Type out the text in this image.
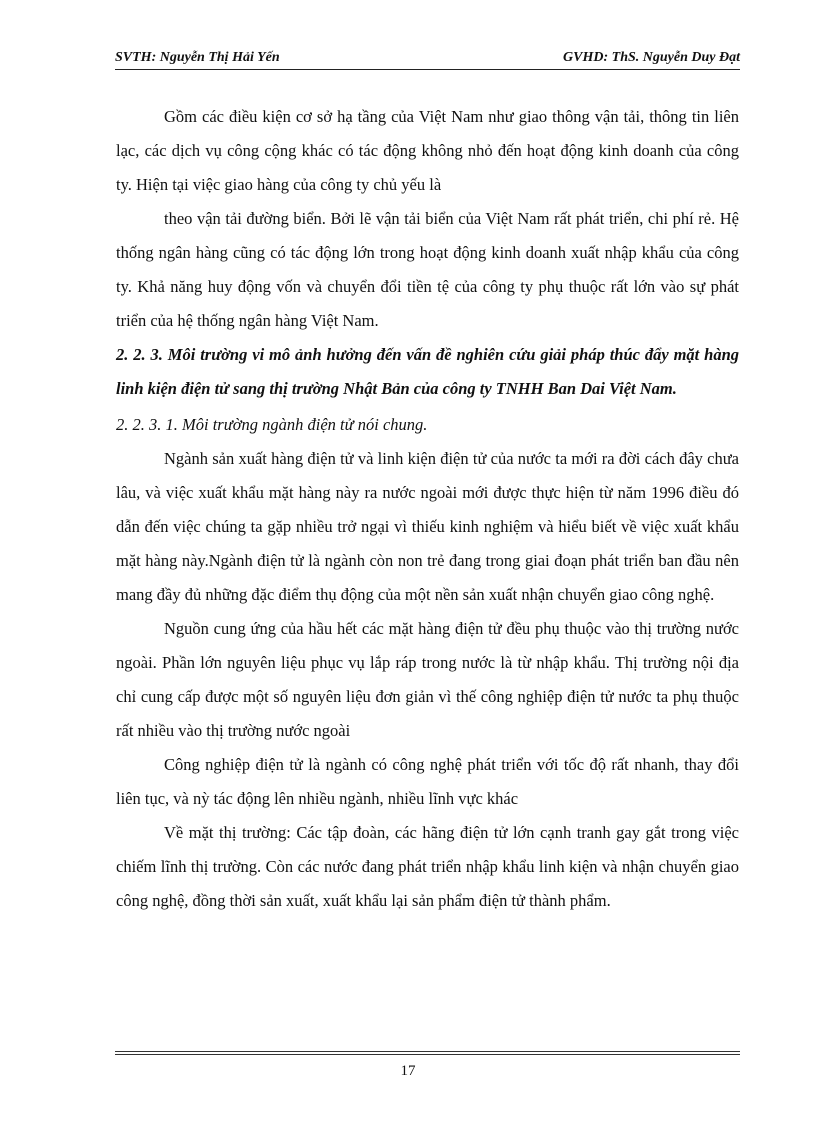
SVTH: Nguyễn Thị Hải Yến	GVHD: ThS. Nguyễn Duy Đạt

Gồm các điều kiện cơ sở hạ tầng của Việt Nam như giao thông vận tải, thông tin liên lạc, các dịch vụ công cộng khác có tác động không nhỏ đến hoạt động kinh doanh của công ty. Hiện tại việc giao hàng của công ty chủ yếu là

theo vận tải đường biển. Bởi lẽ vận tải biển của Việt Nam rất phát triển, chi phí rẻ. Hệ thống ngân hàng cũng có tác động lớn trong hoạt động kinh doanh xuất nhập khẩu của công ty. Khả năng huy động vốn và chuyển đổi tiền tệ của công ty phụ thuộc rất lớn vào sự phát triển của hệ thống ngân hàng Việt Nam.

2. 2. 3. Môi trường vi mô ảnh hưởng đến vấn đề nghiên cứu giải pháp thúc đẩy mặt hàng linh kiện điện tử sang thị trường Nhật Bản của công ty TNHH Ban Dai Việt Nam.

2. 2. 3. 1. Môi trường ngành điện tử nói chung.

Ngành sản xuất hàng điện tử và linh kiện điện tử của nước ta mới ra đời cách đây chưa lâu, và việc xuất khẩu mặt hàng này ra nước ngoài mới được thực hiện từ năm 1996 điều đó dẫn đến việc chúng ta gặp nhiều trở ngại vì thiếu kinh nghiệm và hiểu biết về việc xuất khẩu mặt hàng này.Ngành điện tử là ngành còn non trẻ đang trong giai đoạn phát triển ban đầu nên mang đầy đủ những đặc điểm thụ động của một nền sản xuất nhận chuyển giao công nghệ.

Nguồn cung ứng của hầu hết các mặt hàng điện tử đều phụ thuộc vào thị trường nước ngoài. Phần lớn nguyên liệu phục vụ lắp ráp trong nước là từ nhập khẩu. Thị trường nội địa chỉ cung cấp được một số nguyên liệu đơn giản vì thế công nghiệp điện tử nước ta phụ thuộc rất nhiều vào thị trường nước ngoài

Công nghiệp điện tử là ngành có công nghệ phát triển với tốc độ rất nhanh, thay đổi liên tục, và nỳ tác động lên nhiều ngành, nhiều lĩnh vực khác

Về mặt thị trường: Các tập đoàn, các hãng điện tử lớn cạnh tranh gay gắt trong việc chiếm lĩnh thị trường. Còn các nước đang phát triển nhập khẩu linh kiện và nhận chuyển giao công nghệ, đồng thời sản xuất, xuất khẩu lại sản phẩm điện tử thành phẩm.

17
